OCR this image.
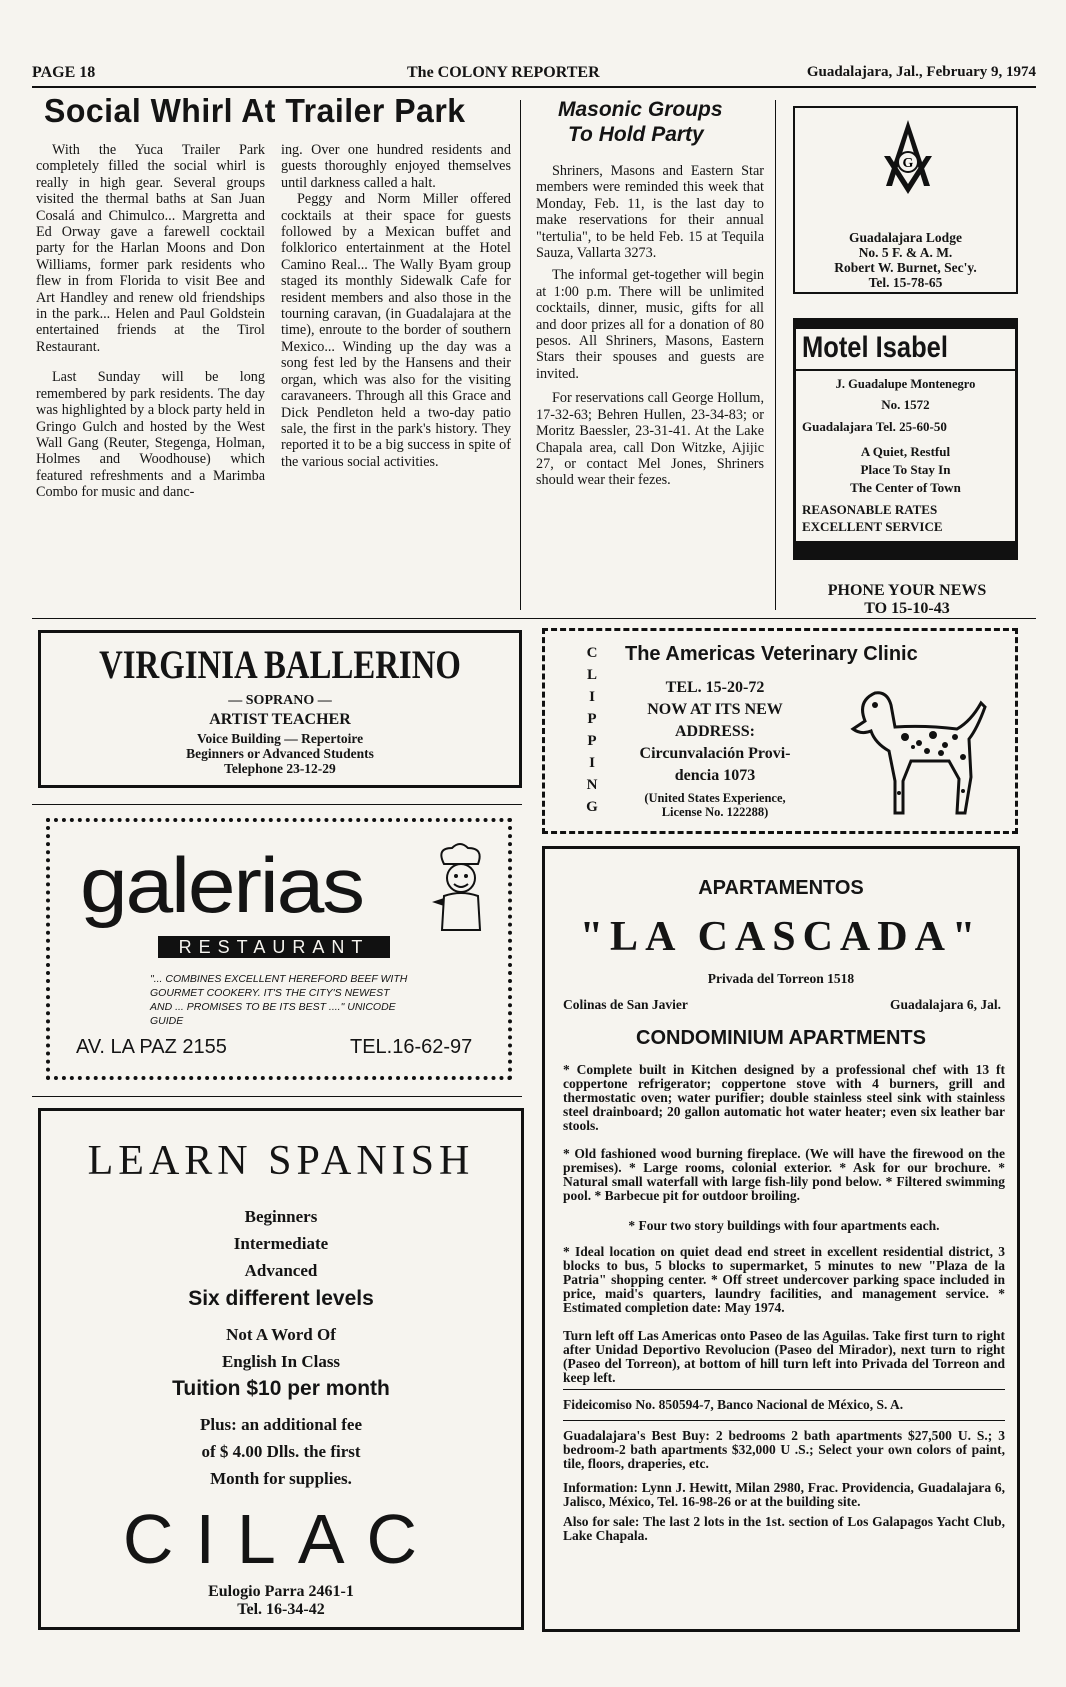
PAGE 18	The COLONY REPORTER	Guadalajara, Jal., February 9, 1974
Social Whirl At Trailer Park

With the Yuca Trailer Park completely filled the social whirl is really in high gear. Several groups visited the thermal baths at San Juan Cosalá and Chimulco... Margretta and Ed Orway gave a farewell cocktail party for the Harlan Moons and Don Williams, former park residents who flew in from Florida to visit Bee and Art Handley and renew old friendships in the park... Helen and Paul Goldstein entertained friends at the Tirol Restaurant.

Last Sunday will be long remembered by park residents. The day was highlighted by a block party held in Gringo Gulch and hosted by the West Wall Gang (Reuter, Stegenga, Holman, Holmes and Woodhouse) which featured refreshments and a Marimba Combo for music and danc-

ing. Over one hundred residents and guests thoroughly enjoyed themselves until darkness called a halt.

Peggy and Norm Miller offered cocktails at their space for guests followed by a Mexican buffet and folklorico entertainment at the Hotel Camino Real... The Wally Byam group staged its monthly Sidewalk Cafe for resident members and also those in the tourning caravan, (in Guadalajara at the time), enroute to the border of southern Mexico... Winding up the day was a song fest led by the Hansens and their organ, which was also for the visiting caravaneers. Through all this Grace and Dick Pendleton held a two-day patio sale, the first in the park's history. They reported it to be a big success in spite of the various social activities.

Masonic Groups
To Hold Party

Shriners, Masons and Eastern Star members were reminded this week that Monday, Feb. 11, is the last day to make reservations for their annual "tertulia", to be held Feb. 15 at Tequila Sauza, Vallarta 3273.

The informal get-together will begin at 1:00 p.m. There will be unlimited cocktails, dinner, music, gifts for all and door prizes all for a donation of 80 pesos. All Shriners, Masons, Eastern Stars their spouses and guests are invited.

For reservations call George Hollum, 17-32-63; Behren Hullen, 23-34-83; or Moritz Baessler, 23-31-41. At the Lake Chapala area, call Don Witzke, Ajijic 27, or contact Mel Jones, Shriners should wear their fezes.

G
Guadalajara Lodge
No. 5 F. & A. M.
Robert W. Burnet, Sec'y.
Tel. 15-78-65
Motel Isabel
J. Guadalupe Montenegro
No. 1572
Guadalajara Tel. 25-60-50
A Quiet, Restful
Place To Stay In
The Center of Town
REASONABLE RATES
EXCELLENT SERVICE
PHONE YOUR NEWS
TO 15-10-43
VIRGINIA BALLERINO
— SOPRANO —
ARTIST TEACHER
Voice Building — Repertoire
Beginners or Advanced Students
Telephone 23-12-29	CLIPPING The Americas Veterinary Clinic
TEL. 15-20-72
NOW AT ITS NEW
ADDRESS:
Circunvalación Provi-
dencia 1073
(United States Experience,
License No. 122288)
galerias
RESTAURANT
"... COMBINES EXCELLENT HEREFORD BEEF WITH GOURMET COOKERY. IT'S THE CITY'S NEWEST AND ... PROMISES TO BE ITS BEST ...." UNICODE GUIDE
AV. LA PAZ 2155	TEL.16-62-97
LEARN SPANISH
Beginners
Intermediate
Advanced
Six different levels
Not A Word Of
English In Class
Tuition $10 per month
Plus: an additional fee
of $ 4.00 Dlls. the first
Month for supplies.
CILAC
Eulogio Parra 2461-1
Tel. 16-34-42
APARTAMENTOS
"LA CASCADA"
Privada del Torreon 1518
Colinas de San Javier	Guadalajara 6, Jal.
CONDOMINIUM APARTMENTS
* Complete built in Kitchen designed by a professional chef with 13 ft coppertone refrigerator; coppertone stove with 4 burners, grill and thermostatic oven; water purifier; double stainless steel sink with stainless steel drainboard; 20 gallon automatic hot water heater; even six leather bar stools.
* Old fashioned wood burning fireplace. (We will have the firewood on the premises). * Large rooms, colonial exterior. * Ask for our brochure. * Natural small waterfall with large fish-lily pond below. * Filtered swimming pool. * Barbecue pit for outdoor broiling.
* Four two story buildings with four apartments each.
* Ideal location on quiet dead end street in excellent residential district, 3 blocks to bus, 5 blocks to supermarket, 5 minutes to new "Plaza de la Patria" shopping center. * Off street undercover parking space included in price, maid's quarters, laundry facilities, and management service. * Estimated completion date: May 1974.
Turn left off Las Americas onto Paseo de las Aguilas. Take first turn to right after Unidad Deportivo Revolucion (Paseo del Mirador), next turn to right (Paseo del Torreon), at bottom of hill turn left into Privada del Torreon and keep left.
Fideicomiso No. 850594-7, Banco Nacional de México, S. A.
Guadalajara's Best Buy: 2 bedrooms 2 bath apartments $27,500 U. S.; 3 bedroom-2 bath apartments $32,000 U .S.; Select your own colors of paint, tile, floors, draperies, etc.
Information: Lynn J. Hewitt, Milan 2980, Frac. Providencia, Guadalajara 6, Jalisco, México, Tel. 16-98-26 or at the building site.
Also for sale: The last 2 lots in the 1st. section of Los Galapagos Yacht Club, Lake Chapala.
